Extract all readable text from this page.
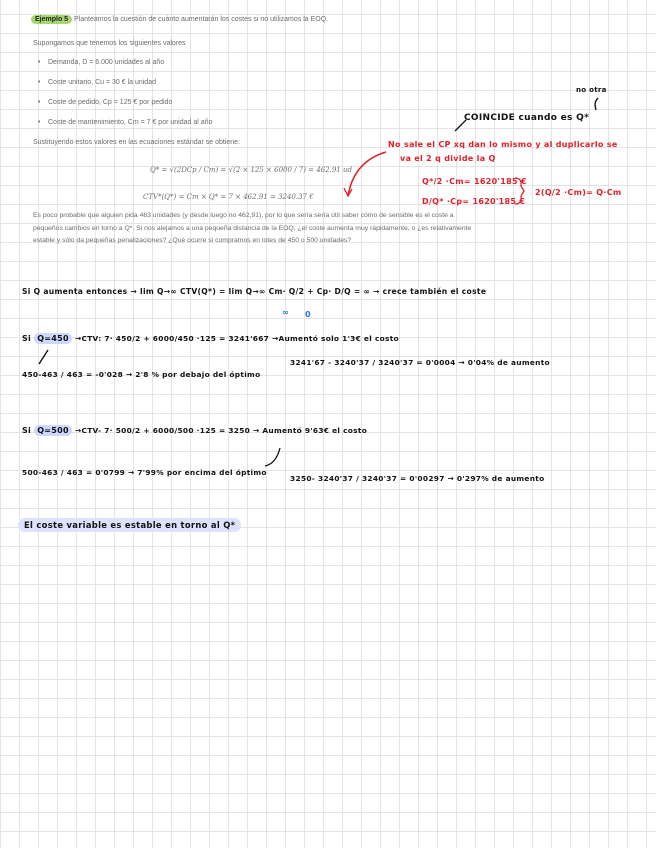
Ejemplo 5 Planteamos la cuestión de cuánto aumentarán los costes si no utilizamos la EOQ.
Supongamos que tenemos los siguientes valores
• Demanda, D = 6.000 unidades al año
• Coste unitario, Cu = 30 € la unidad
• Coste de pedido, Cp = 125 € por pedido
• Coste de mantenimiento, Cm = 7 € por unidad al año
Sustituyendo estos valores en las ecuaciones estándar se obtiene:
Q* = √(2DCp / Cm) = √(2 × 125 × 6000 / 7) = 462.91 ud
CTV*(Q*) = Cm × Q* = 7 × 462.91 = 3240.37 €
Es poco probable que alguien pida 463 unidades (y desde luego no 462,91), por lo que sería sería útil saber cómo de sensible es el coste a pequeños cambios en torno a Q*. Si nos alejamos a una pequeña distancia de la EOQ, ¿el coste aumenta muy rápidamente, o ¿es relativamente estable y sólo da pequeñas penalizaciones? ¿Qué ocurre si compramos en lotes de 450 o 500 unidades?
no otra
COINCIDE cuando es Q*
No sale el CP xq dan lo mismo y al duplicarlo se
va el 2 q divide la Q
Q*/2 ·Cm= 1620'185 €
D/Q* ·Cp= 1620'185 €
2(Q/2 ·Cm)= Q·Cm
Si Q aumenta entonces → lim Q→∞ CTV(Q*) = lim Q→∞ Cm· Q/2 + Cp· D/Q = ∞ → crece también el coste
∞ 0
Si Q=450 →CTV: 7· 450/2 + 6000/450 ·125 = 3241'667 →Aumentó solo 1'3€ el costo
3241'67 - 3240'37 / 3240'37 = 0'0004 → 0'04% de aumento
450-463 / 463 = -0'028 → 2'8 % por debajo del óptimo
Si Q=500 →CTV- 7· 500/2 + 6000/500 ·125 = 3250 → Aumentó 9'63€ el costo
500-463 / 463 = 0'0799 → 7'99% por encima del óptimo
3250- 3240'37 / 3240'37 = 0'00297 → 0'297% de aumento
El coste variable es estable en torno al Q*
